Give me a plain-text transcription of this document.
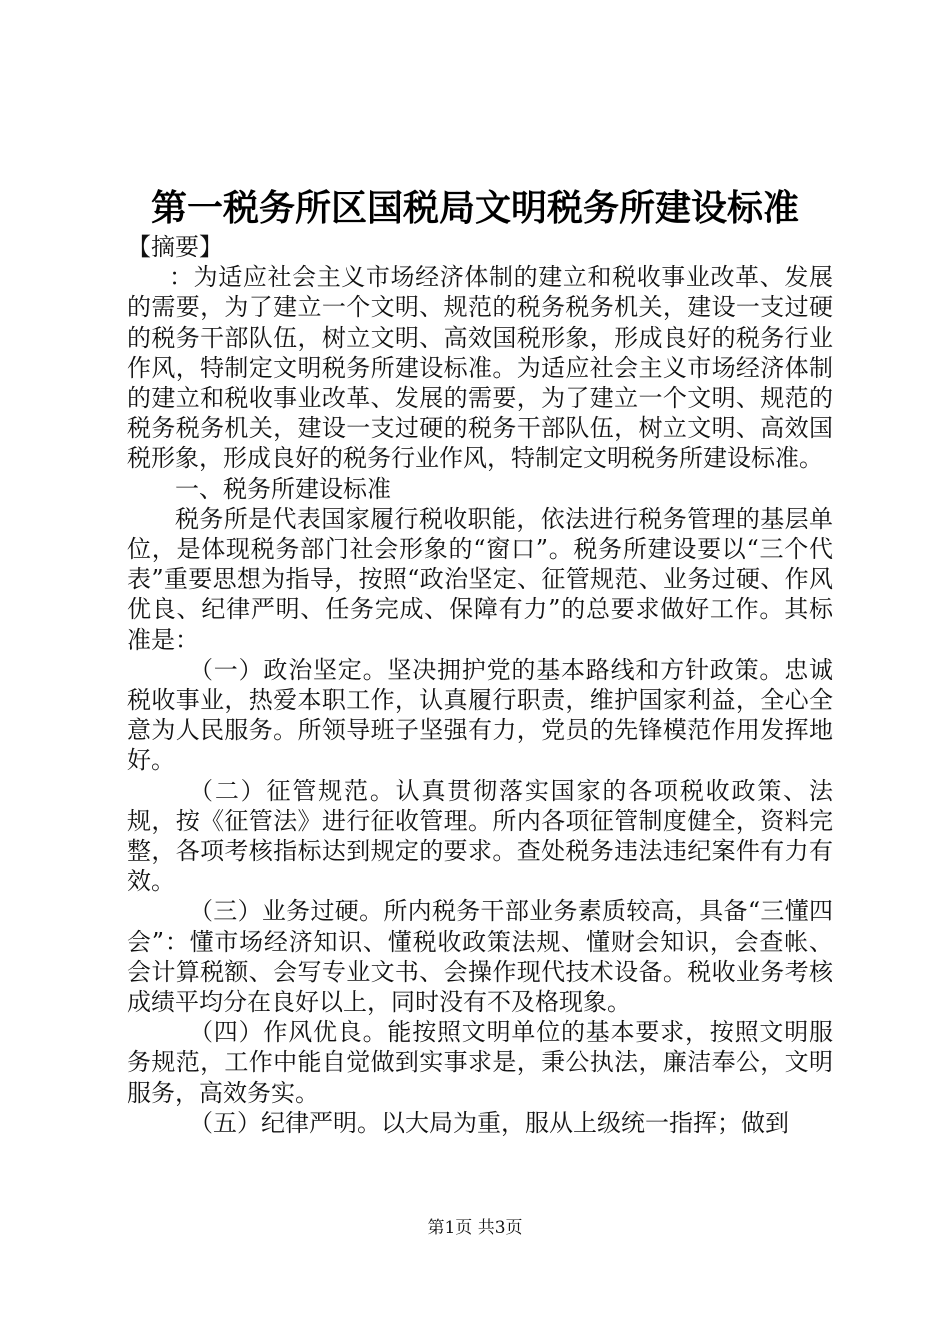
第一税务所区国税局文明税务所建设标准

【摘要】

：为适应社会主义市场经济体制的建立和税收事业改革、发展的需要，为了建立一个文明、规范的税务税务机关，建设一支过硬的税务干部队伍，树立文明、高效国税形象，形成良好的税务行业作风，特制定文明税务所建设标准。为适应社会主义市场经济体制的建立和税收事业改革、发展的需要，为了建立一个文明、规范的税务税务机关，建设一支过硬的税务干部队伍，树立文明、高效国税形象，形成良好的税务行业作风，特制定文明税务所建设标准。

一、税务所建设标准

税务所是代表国家履行税收职能，依法进行税务管理的基层单位，是体现税务部门社会形象的“窗口”。税务所建设要以“三个代表”重要思想为指导，按照“政治坚定、征管规范、业务过硬、作风优良、纪律严明、任务完成、保障有力”的总要求做好工作。其标准是：

（一）政治坚定。坚决拥护党的基本路线和方针政策。忠诚税收事业，热爱本职工作，认真履行职责，维护国家利益，全心全意为人民服务。所领导班子坚强有力，党员的先锋模范作用发挥地好。

（二）征管规范。认真贯彻落实国家的各项税收政策、法规，按《征管法》进行征收管理。所内各项征管制度健全，资料完整，各项考核指标达到规定的要求。查处税务违法违纪案件有力有效。

（三）业务过硬。所内税务干部业务素质较高，具备“三懂四会”：懂市场经济知识、懂税收政策法规、懂财会知识，会查帐、会计算税额、会写专业文书、会操作现代技术设备。税收业务考核成绩平均分在良好以上，同时没有不及格现象。

（四）作风优良。能按照文明单位的基本要求，按照文明服务规范，工作中能自觉做到实事求是，秉公执法，廉洁奉公，文明服务，高效务实。

（五）纪律严明。以大局为重，服从上级统一指挥；做到

第1页 共3页
